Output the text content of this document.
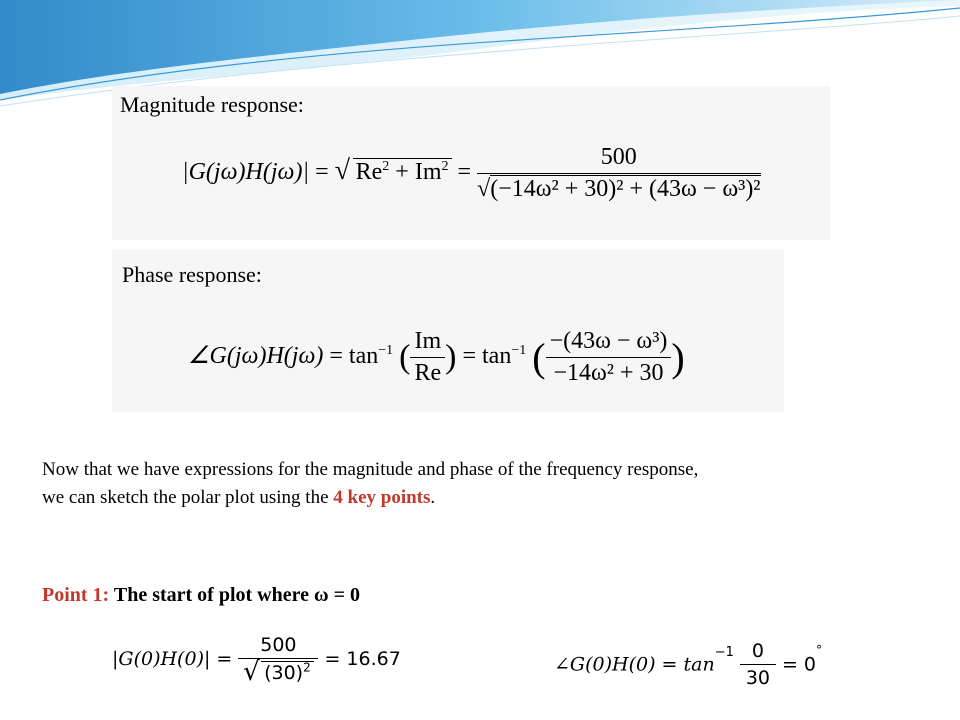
Magnitude response:
|G(jω)H(jω)| = √ $Re^2 + Im^2 = \frac{500}{\text{√(−14ω² + 30)² + (43ω − ω³)²}}$
Phase response:
∠G(jω)H(jω) = $\tan^{-1}$ ( $\frac{Im}{Re}$ ) = $\tan^{-1}$ ( $\frac{\text{−(43ω − ω³)}}{\text{−14ω² + 30}}$ )
Now that we have expressions for the magnitude and phase of the frequency response,
we can sketch the polar plot using the 4 key points.
Point 1: The start of plot where ω = 0
$|G(0)H(0)| = \frac{500}{√ (30)^2} = 16.67$	∠G(0)H(0) = $\tan^{-1} \frac{0}{30} = 0^\circ$
